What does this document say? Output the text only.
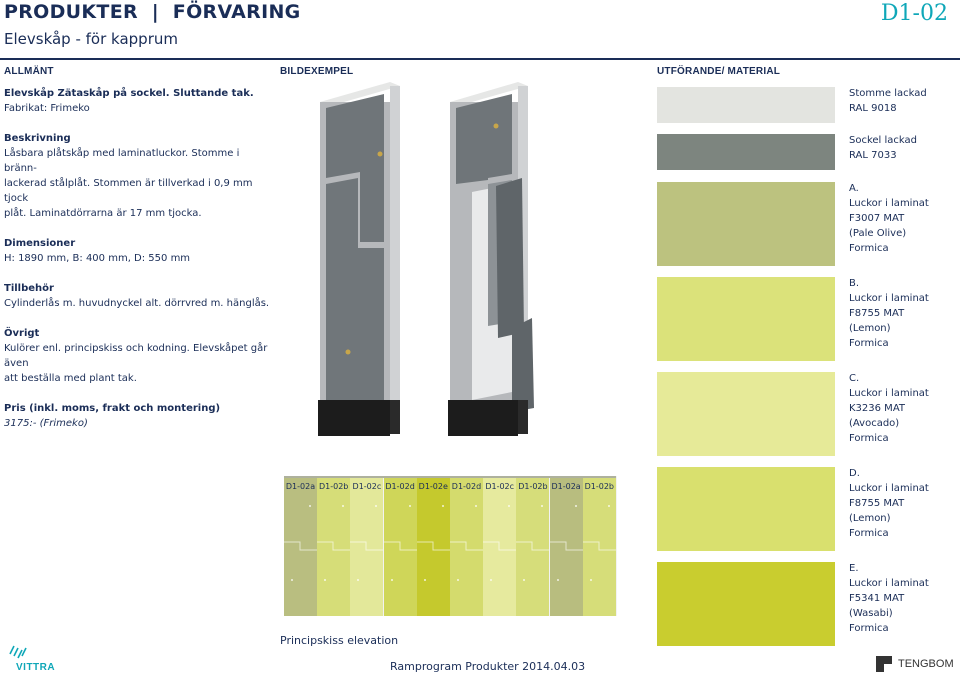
PRODUKTER  |  FÖRVARING
Elevskåp - för kapprum
D1-02
ALLMÄNT	BILDEXEMPEL	UTFÖRANDE/ MATERIAL
Elevskåp Zätaskåp på sockel. Sluttande tak.
Fabrikat: Frimeko
Beskrivning
Låsbara plåtskåp med laminatluckor. Stomme i bränn-
lackerad stålplåt. Stommen är tillverkad i 0,9 mm tjock
plåt. Laminatdörrarna är 17 mm tjocka.
Dimensioner
H: 1890 mm, B: 400 mm, D: 550 mm
Tillbehör
Cylinderlås m. huvudnyckel alt. dörrvred m. hänglås.
Övrigt
Kulörer enl. principskiss och kodning. Elevskåpet går även
att beställa med plant tak.
Pris (inkl. moms, frakt och montering)
3175:- (Frimeko)
D1-02a D1-02b D1-02c D1-02d D1-02e D1-02d D1-02c D1-02b D1-02a D1-02b
Principskiss elevation
Stomme lackad
RAL 9018
Sockel lackad
RAL 7033
A.
Luckor i laminat
F3007 MAT
(Pale Olive)
Formica
B.
Luckor i laminat
F8755 MAT
(Lemon)
Formica
C.
Luckor i laminat
K3236 MAT
(Avocado)
Formica
D.
Luckor i laminat
F8755 MAT
(Lemon)
Formica
E.
Luckor i laminat
F5341 MAT
(Wasabi)
Formica
VITTRA	Ramprogram Produkter 2014.04.03	TENGBOM
